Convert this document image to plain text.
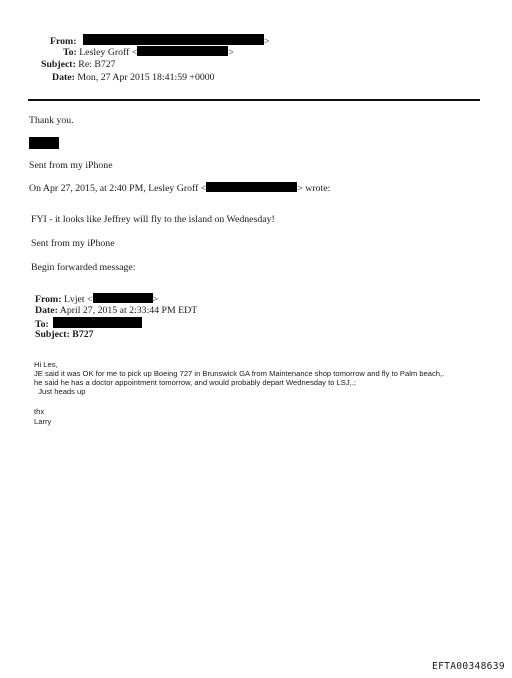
From:	>
To: Lesley Groff <	>
Subject: Re: B727
Date: Mon, 27 Apr 2015 18:41:59 +0000
Thank you.
Sent from my iPhone
On Apr 27, 2015, at 2:40 PM, Lesley Groff <	> wrote:
FYI - it looks like Jeffrey will fly to the island on Wednesday!
Sent from my iPhone
Begin forwarded message:
From: Lvjet <	>
Date: April 27, 2015 at 2:33:44 PM EDT
To:
Subject: B727
Hi Les,
JE said it was OK for me to pick up Boeing 727 in Brunswick GA from Maintenance shop tomorrow and fly to Palm beach,.
he said he has a doctor appointment tomorrow, and would probably depart Wednesday to LSJ,.;
Just heads up
thx
Larry
EFTA00348639
